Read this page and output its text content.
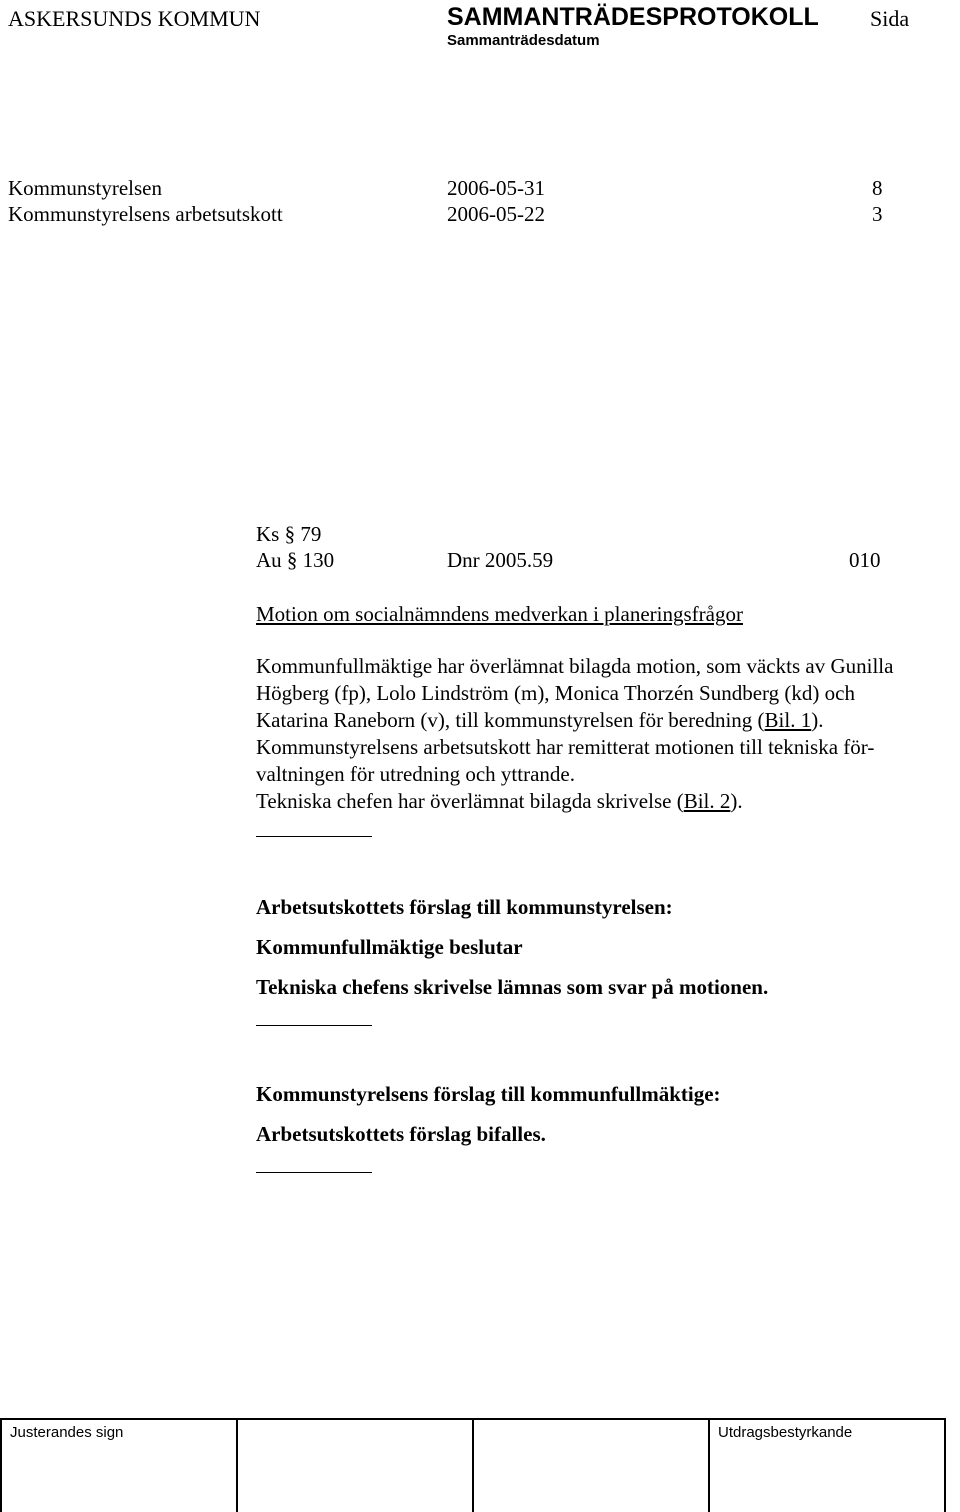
ASKERSUNDS KOMMUN	SAMMANTRÄDESPROTOKOLL Sida
Sammanträdesdatum
Kommunstyrelsen	2006-05-31	8
Kommunstyrelsens arbetsutskott	2006-05-22	3
Ks § 79
Au § 130	Dnr 2005.59	010
Motion om socialnämndens medverkan i planeringsfrågor
Kommunfullmäktige har överlämnat bilagda motion, som väckts av Gunilla
Högberg (fp), Lolo Lindström (m), Monica Thorzén Sundberg (kd) och
Katarina Raneborn (v), till kommunstyrelsen för beredning (Bil. 1).
Kommunstyrelsens arbetsutskott har remitterat motionen till tekniska för-
valtningen för utredning och yttrande.
Tekniska chefen har överlämnat bilagda skrivelse (Bil. 2).
Arbetsutskottets förslag till kommunstyrelsen:
Kommunfullmäktige beslutar
Tekniska chefens skrivelse lämnas som svar på motionen.
Kommunstyrelsens förslag till kommunfullmäktige:
Arbetsutskottets förslag bifalles.
Justerandes sign	Utdragsbestyrkande
